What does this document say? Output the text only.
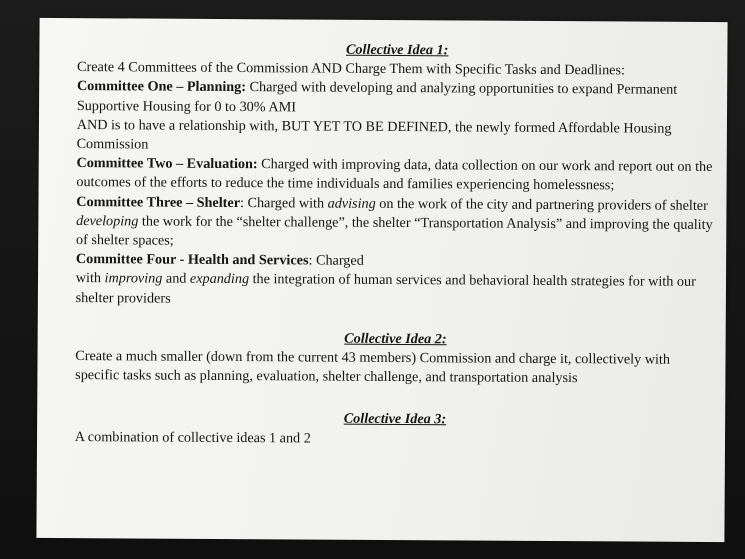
Collective Idea 1:

Create 4 Committees of the Commission AND Charge Them with Specific Tasks and Deadlines:

Committee One – Planning: Charged with developing and analyzing opportunities to expand Permanent Supportive Housing for 0 to 30% AMI

AND is to have a relationship with, BUT YET TO BE DEFINED, the newly formed Affordable Housing Commission

Committee Two – Evaluation: Charged with improving data, data collection on our work and report out on the outcomes of the efforts to reduce the time individuals and families experiencing homelessness;

Committee Three – Shelter: Charged with advising on the work of the city and partnering providers of shelter developing the work for the “shelter challenge”, the shelter “Transportation Analysis” and improving the quality of shelter spaces;

Committee Four - Health and Services: Charged

with improving and expanding the integration of human services and behavioral health strategies for with our shelter providers

Collective Idea 2:

Create a much smaller (down from the current 43 members) Commission and charge it, collectively with specific tasks such as planning, evaluation, shelter challenge, and transportation analysis

Collective Idea 3:

A combination of collective ideas 1 and 2
